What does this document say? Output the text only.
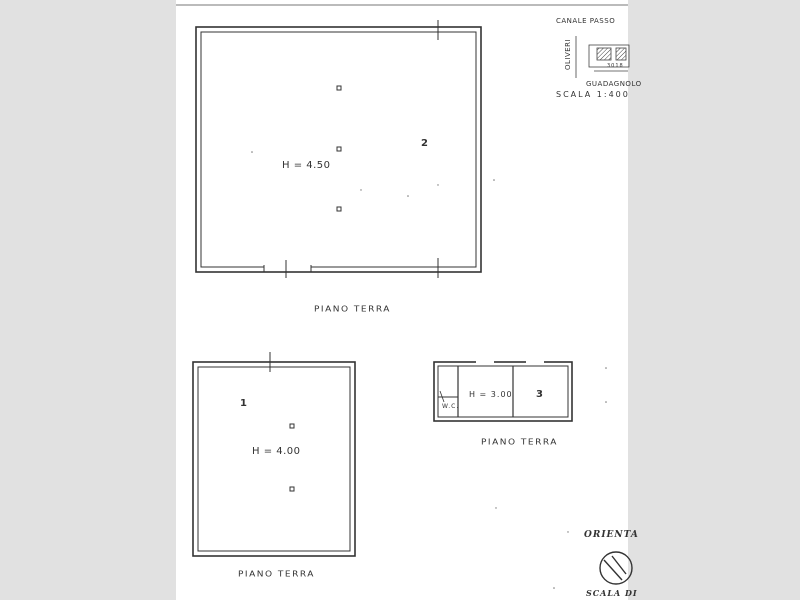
CANALE PASSO
OLIVERI	3018
GUADAGNOLO
SCALA 1:400
H = 4.50
2
PIANO TERRA
H = 4.00
1
PIANO TERRA
H = 3.00 3
W.C.
PIANO TERRA
ORIENTA
SCALA DI
